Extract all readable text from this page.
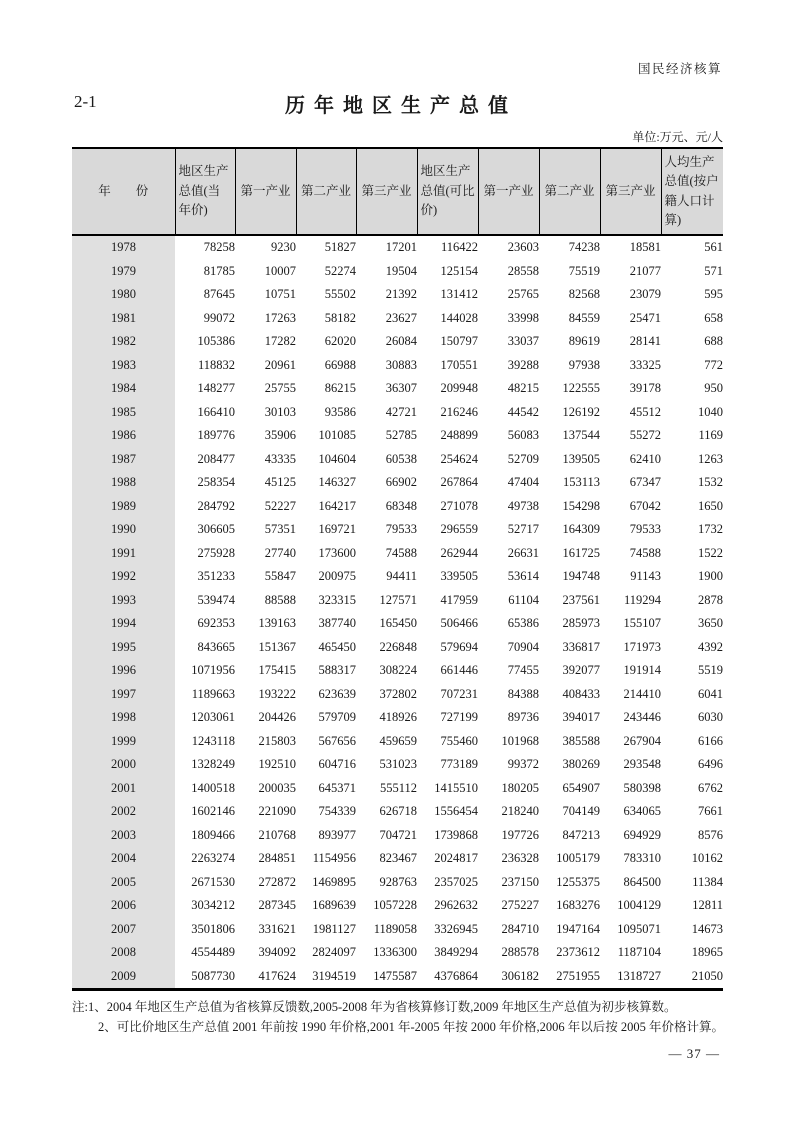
国民经济核算
2-1	历年地区生产总值
单位:万元、元/人
年　　份	地区生产总值(当年价)	第一产业	第二产业	第三产业	地区生产总值(可比价)	第一产业	第二产业	第三产业	人均生产总值(按户籍人口计算)
1978	78258	9230	51827	17201	116422	23603	74238	18581	561
1979	81785	10007	52274	19504	125154	28558	75519	21077	571
1980	87645	10751	55502	21392	131412	25765	82568	23079	595
1981	99072	17263	58182	23627	144028	33998	84559	25471	658
1982	105386	17282	62020	26084	150797	33037	89619	28141	688
1983	118832	20961	66988	30883	170551	39288	97938	33325	772
1984	148277	25755	86215	36307	209948	48215	122555	39178	950
1985	166410	30103	93586	42721	216246	44542	126192	45512	1040
1986	189776	35906	101085	52785	248899	56083	137544	55272	1169
1987	208477	43335	104604	60538	254624	52709	139505	62410	1263
1988	258354	45125	146327	66902	267864	47404	153113	67347	1532
1989	284792	52227	164217	68348	271078	49738	154298	67042	1650
1990	306605	57351	169721	79533	296559	52717	164309	79533	1732
1991	275928	27740	173600	74588	262944	26631	161725	74588	1522
1992	351233	55847	200975	94411	339505	53614	194748	91143	1900
1993	539474	88588	323315	127571	417959	61104	237561	119294	2878
1994	692353	139163	387740	165450	506466	65386	285973	155107	3650
1995	843665	151367	465450	226848	579694	70904	336817	171973	4392
1996	1071956	175415	588317	308224	661446	77455	392077	191914	5519
1997	1189663	193222	623639	372802	707231	84388	408433	214410	6041
1998	1203061	204426	579709	418926	727199	89736	394017	243446	6030
1999	1243118	215803	567656	459659	755460	101968	385588	267904	6166
2000	1328249	192510	604716	531023	773189	99372	380269	293548	6496
2001	1400518	200035	645371	555112	1415510	180205	654907	580398	6762
2002	1602146	221090	754339	626718	1556454	218240	704149	634065	7661
2003	1809466	210768	893977	704721	1739868	197726	847213	694929	8576
2004	2263274	284851	1154956	823467	2024817	236328	1005179	783310	10162
2005	2671530	272872	1469895	928763	2357025	237150	1255375	864500	11384
2006	3034212	287345	1689639	1057228	2962632	275227	1683276	1004129	12811
2007	3501806	331621	1981127	1189058	3326945	284710	1947164	1095071	14673
2008	4554489	394092	2824097	1336300	3849294	288578	2373612	1187104	18965
2009	5087730	417624	3194519	1475587	4376864	306182	2751955	1318727	21050
注:1、2004 年地区生产总值为省核算反馈数,2005-2008 年为省核算修订数,2009 年地区生产总值为初步核算数。
2、可比价地区生产总值 2001 年前按 1990 年价格,2001 年-2005 年按 2000 年价格,2006 年以后按 2005 年价格计算。
— 37 —
